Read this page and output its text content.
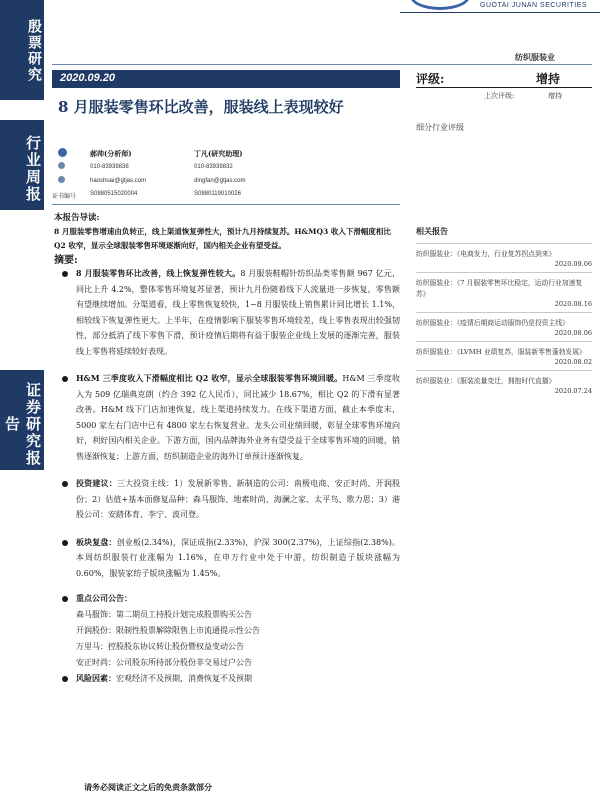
殷票研究
行业周报
证券研究报告
GUOTAI JUNAN SECURITIES
纺织服装业
2020.09.20
8 月服装零售环比改善，服装线上表现较好
评级:	增持
上次评级:	增持
细分行业评级
郝帅(分析师)	丁凡(研究助理)
010-83939838	010-83939832
haoshuai@gtjas.com	dingfan@gtjas.com
证书编号 S0880515020004	S0880119010026
本报告导读:
8 月服装零售增速由负转正，线上渠道恢复弹性大，预计九月持续复苏。H&MQ3 收入下滑幅度相比 Q2 收窄，显示全球服装零售环境逐渐向好，国内相关企业有望受益。
摘要:
8 月服装零售环比改善，线上恢复弹性较大。8 月服装鞋帽针纺织品类零售额 967 亿元，同比上升 4.2%，整体零售环境复苏显著，预计九月份随着线下人流量进一步恢复，零售额有望继续增加。分渠道看，线上零售恢复较快，1~8 月服装线上销售累计同比增长 1.1%，相较线下恢复弹性更大。上半年，在疫情影响下服装零售环境较差，线上零售表现出较强韧性，部分抵消了线下零售下滑，预计疫情后期将有益于服装企业线上发展的逐渐完善，服装线上零售将延续较好表现。
H&M 三季度收入下滑幅度相比 Q2 收窄，显示全球服装零售环境回暖。H&M 三季度收入为 509 亿瑞典克朗（约合 392 亿人民币），同比减少 18.67%，相比 Q2 的下滑有显著改善。H&M 线下门店加速恢复，线上渠道持续发力。在线下渠道方面，截止本季度末，5000 家左右门店中已有 4800 家左右恢复营业。龙头公司业绩回暖，彰显全球零售环境向好，利好国内相关企业。下游方面，国内品牌海外业务有望受益于全球零售环境的回暖，销售逐渐恢复；上游方面，纺织制造企业的海外订单预计逐渐恢复。
投资建议：三大投资主线：1）发展新零售、新制造的公司：南极电商、安正时尚、开润股份；2）估值+基本面修复品种：森马服饰、地素时尚、海澜之家、太平鸟、歌力思；3）港股公司：安踏体育、李宁、波司登。
板块复盘：创业板(2.34%)，深证成指(2.33%)，沪深 300(2.37%)，上证综指(2.38%)。本周纺织服装行业涨幅为 1.16%，在申万行业中处于中游，纺织制造子版块涨幅为 0.60%，服装家纺子版块涨幅为 1.45%。
重点公司公告：
森马服饰：第二期员工持股计划完成股票购买公告
开润股份：限制性股票解除限售上市流通提示性公告
万里马：控股股东协议转让股份暨权益变动公告
安正时尚：公司股东所持部分股份非交易过户公告
风险因素：宏观经济不及预期，消费恢复不及预期
相关报告
纺织服装业：《电商发力，行业复苏拐点到来》
2020.09.06
纺织服装业：《7 月服装零售环比稳定，运动行业加速复苏》
2020.08.16
纺织服装业：《疫情后期商运动服饰仍是投资主线》
2020.08.06
纺织服装业：《LVMH 业绩复苏，服装新零售蓬勃发展》
2020.08.02
纺织服装业：《服装流量变迁，拥抱时代直播》
2020.07.24
请务必阅读正文之后的免责条款部分
